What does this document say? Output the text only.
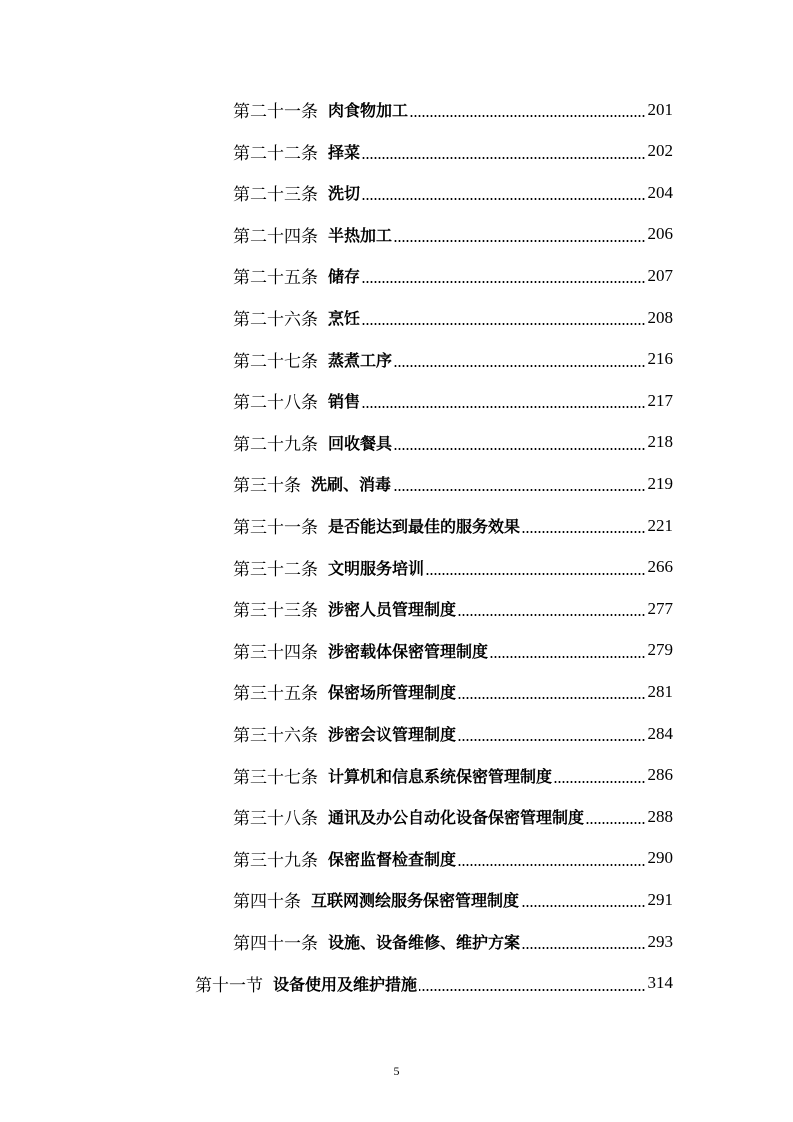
第二十一条 肉食物加工	201
第二十二条 择菜	202
第二十三条 洗切	204
第二十四条 半热加工	206
第二十五条 储存	207
第二十六条 烹饪	208
第二十七条 蒸煮工序	216
第二十八条 销售	217
第二十九条 回收餐具	218
第三十条 洗刷、消毒	219
第三十一条 是否能达到最佳的服务效果	221
第三十二条 文明服务培训	266
第三十三条 涉密人员管理制度	277
第三十四条 涉密载体保密管理制度	279
第三十五条 保密场所管理制度	281
第三十六条 涉密会议管理制度	284
第三十七条 计算机和信息系统保密管理制度	286
第三十八条 通讯及办公自动化设备保密管理制度	288
第三十九条 保密监督检查制度	290
第四十条 互联网测绘服务保密管理制度	291
第四十一条 设施、设备维修、维护方案	293
第十一节 设备使用及维护措施	314
5
